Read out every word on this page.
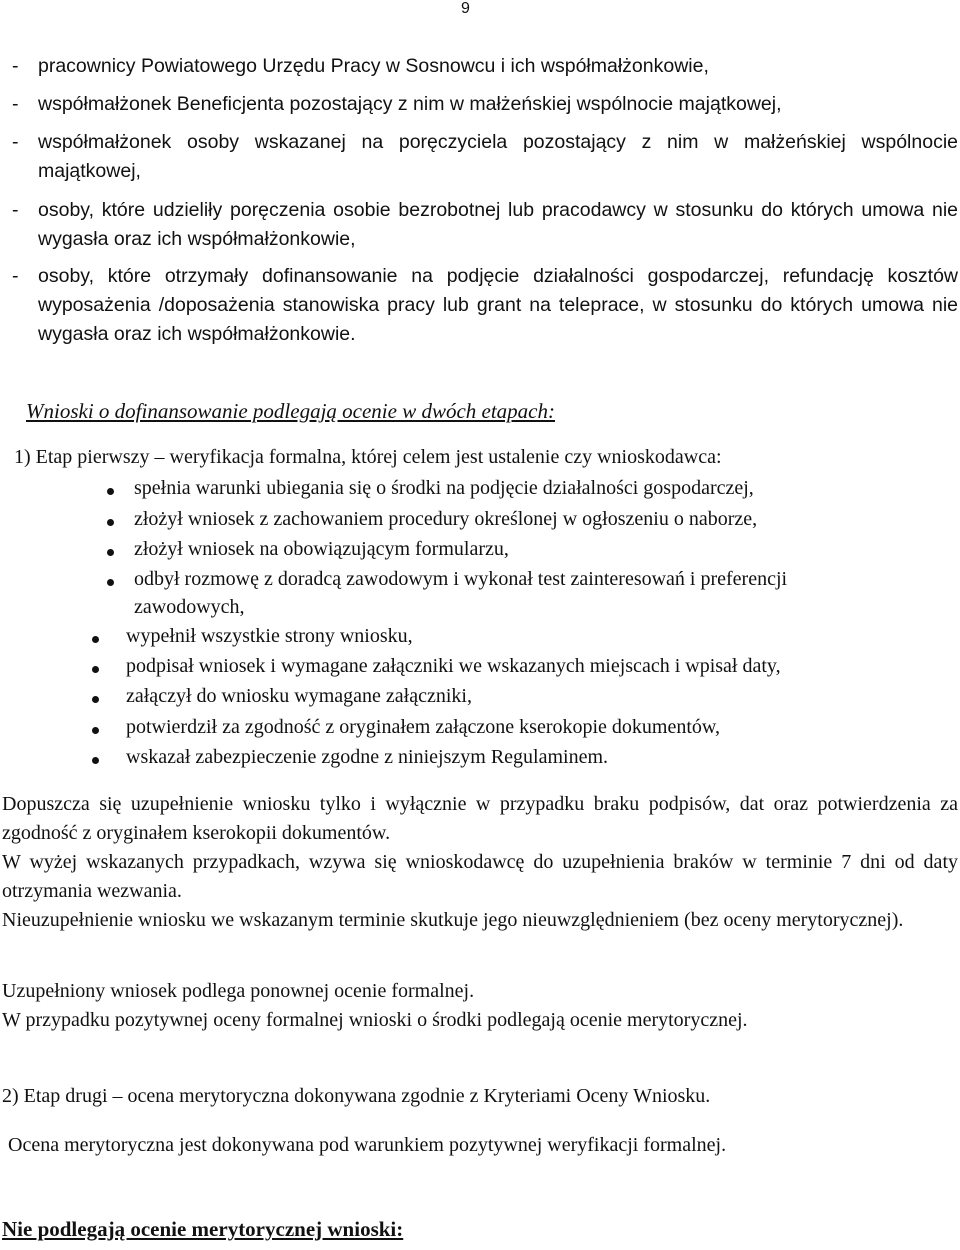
9
- pracownicy Powiatowego Urzędu Pracy w Sosnowcu i ich współmałżonkowie,
- współmałżonek Beneficjenta pozostający z nim w małżeńskiej wspólnocie majątkowej,
- współmałżonek osoby wskazanej na poręczyciela pozostający z nim w małżeńskiej wspólnocie majątkowej,
- osoby, które udzieliły poręczenia osobie bezrobotnej lub pracodawcy w stosunku do których umowa nie wygasła oraz ich współmałżonkowie,
- osoby, które otrzymały dofinansowanie na podjęcie działalności gospodarczej, refundację kosztów wyposażenia /doposażenia stanowiska pracy lub grant na teleprace, w stosunku do których umowa nie wygasła oraz ich współmałżonkowie.
Wnioski o dofinansowanie podlegają ocenie w dwóch etapach:
1) Etap pierwszy – weryfikacja formalna, której celem jest ustalenie czy wnioskodawca:
spełnia warunki ubiegania się o środki na podjęcie działalności gospodarczej,
złożył wniosek z zachowaniem procedury określonej w ogłoszeniu o naborze,
złożył wniosek na obowiązującym formularzu,
odbył rozmowę z doradcą zawodowym i wykonał test zainteresowań i preferencji
zawodowych,
wypełnił wszystkie strony wniosku,
podpisał wniosek i wymagane załączniki we wskazanych miejscach i wpisał daty,
załączył do wniosku wymagane załączniki,
potwierdził za zgodność z oryginałem załączone kserokopie dokumentów,
wskazał zabezpieczenie zgodne z niniejszym Regulaminem.
Dopuszcza się uzupełnienie wniosku tylko i wyłącznie w przypadku braku podpisów, dat oraz potwierdzenia za zgodność z oryginałem kserokopii dokumentów.
W wyżej wskazanych przypadkach, wzywa się wnioskodawcę do uzupełnienia braków w terminie 7 dni od daty otrzymania wezwania.
Nieuzupełnienie wniosku we wskazanym terminie skutkuje jego nieuwzględnieniem (bez oceny merytorycznej).
Uzupełniony wniosek podlega ponownej ocenie formalnej.
W przypadku pozytywnej oceny formalnej wnioski o środki podlegają ocenie merytorycznej.
2) Etap drugi – ocena merytoryczna dokonywana zgodnie z Kryteriami Oceny Wniosku.
Ocena merytoryczna jest dokonywana pod warunkiem pozytywnej weryfikacji formalnej.
Nie podlegają ocenie merytorycznej wnioski:
